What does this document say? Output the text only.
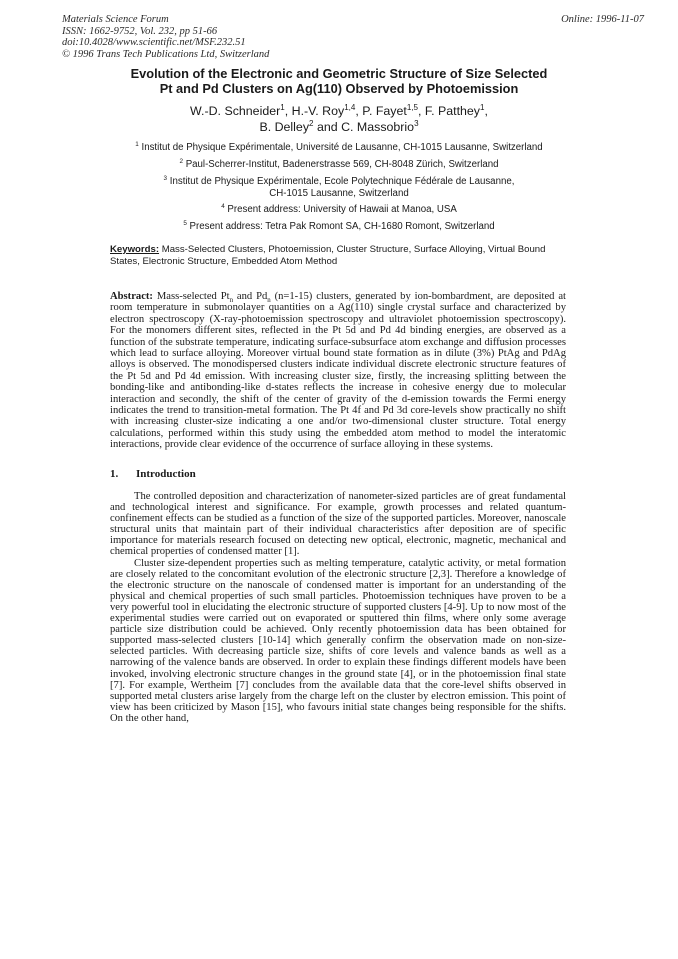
Materials Science Forum
ISSN: 1662-9752, Vol. 232, pp 51-66
doi:10.4028/www.scientific.net/MSF.232.51
© 1996 Trans Tech Publications Ltd, Switzerland
Online: 1996-11-07
Evolution of the Electronic and Geometric Structure of Size Selected
Pt and Pd Clusters on Ag(110) Observed by Photoemission
W.-D. Schneider$^1$, H.-V. Roy$^{1,4}$, P. Fayet$^{1,5}$, F. Patthey$^1$,
B. Delley$^2$ and C. Massobrio$^3$
$^1$ Institut de Physique Expérimentale, Université de Lausanne, CH-1015 Lausanne, Switzerland
$^2$ Paul-Scherrer-Institut, Badenerstrasse 569, CH-8048 Zürich, Switzerland
$^3$ Institut de Physique Expérimentale, Ecole Polytechnique Fédérale de Lausanne,
CH-1015 Lausanne, Switzerland
$^4$ Present address: University of Hawaii at Manoa, USA
$^5$ Present address: Tetra Pak Romont SA, CH-1680 Romont, Switzerland
Keywords: Mass-Selected Clusters, Photoemission, Cluster Structure, Surface Alloying, Virtual Bound States, Electronic Structure, Embedded Atom Method
Abstract: Mass-selected $Pt_n$ and $Pd_n$ (n=1-15) clusters, generated by ion-bombardment, are deposited at room temperature in submonolayer quantities on a Ag(110) single crystal surface and characterized by electron spectroscopy (X-ray-photoemission spectroscopy and ultraviolet photoemission spectroscopy). For the monomers different sites, reflected in the Pt 5d and Pd 4d binding energies, are observed as a function of the substrate temperature, indicating surface-subsurface atom exchange and diffusion processes which lead to surface alloying. Moreover virtual bound state formation as in dilute (3%) PtAg and PdAg alloys is observed. The monodispersed clusters indicate individual discrete electronic structure features of the Pt 5d and Pd 4d emission. With increasing cluster size, firstly, the increasing splitting between the bonding-like and antibonding-like d-states reflects the increase in cohesive energy due to molecular interaction and secondly, the shift of the center of gravity of the d-emission towards the Fermi energy indicates the trend to transition-metal formation. The Pt 4f and Pd 3d core-levels show practically no shift with increasing cluster-size indicating a one and/or two-dimensional cluster structure. Total energy calculations, performed within this study using the embedded atom method to model the interatomic interactions, provide clear evidence of the occurrence of surface alloying in these systems.
1. Introduction

The controlled deposition and characterization of nanometer-sized particles are of great fundamental and technological interest and significance. For example, growth processes and related quantum-confinement effects can be studied as a function of the size of the supported particles. Moreover, nanoscale structural units that maintain part of their individual characteristics after deposition are of specific importance for materials research focused on detecting new optical, electronic, magnetic, mechanical and chemical properties of condensed matter [1].

Cluster size-dependent properties such as melting temperature, catalytic activity, or metal formation are closely related to the concomitant evolution of the electronic structure [2,3]. Therefore a knowledge of the electronic structure on the nanoscale of condensed matter is important for an understanding of the physical and chemical properties of such small particles. Photoemission techniques have proven to be a very powerful tool in elucidating the electronic structure of supported clusters [4-9]. Up to now most of the experimental studies were carried out on evaporated or sputtered thin films, where only some average particle size distribution could be achieved. Only recently photoemission data has been obtained for supported mass-selected clusters [10-14] which generally confirm the observation made on non-size-selected particles. With decreasing particle size, shifts of core levels and valence bands as well as a narrowing of the valence bands are observed. In order to explain these findings different models have been invoked, involving electronic structure changes in the ground state [4], or in the photoemission final state [7]. For example, Wertheim [7] concludes from the available data that the core-level shifts observed in supported metal clusters arise largely from the charge left on the cluster by electron emission. This point of view has been criticized by Mason [15], who favours initial state changes being responsible for the shifts. On the other hand,
